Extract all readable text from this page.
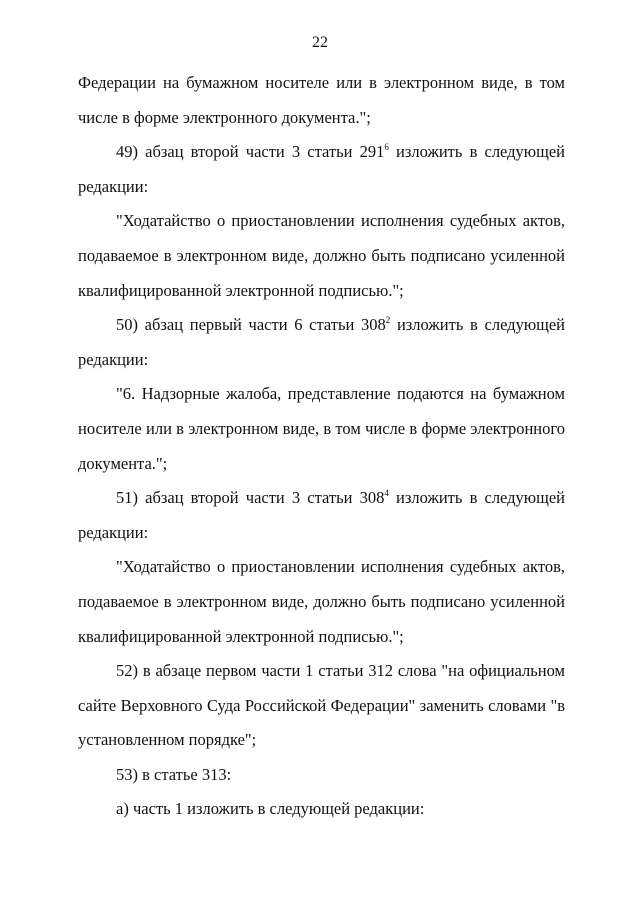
22

Федерации на бумажном носителе или в электронном виде, в том числе в форме электронного документа.";

49) абзац второй части 3 статьи $291^6$ изложить в следующей редакции:

"Ходатайство о приостановлении исполнения судебных актов, подаваемое в электронном виде, должно быть подписано усиленной квалифицированной электронной подписью.";

50) абзац первый части 6 статьи $308^2$ изложить в следующей редакции:

"6. Надзорные жалоба, представление подаются на бумажном носителе или в электронном виде, в том числе в форме электронного документа.";

51) абзац второй части 3 статьи $308^4$ изложить в следующей редакции:

"Ходатайство о приостановлении исполнения судебных актов, подаваемое в электронном виде, должно быть подписано усиленной квалифицированной электронной подписью.";

52) в абзаце первом части 1 статьи 312 слова "на официальном сайте Верховного Суда Российской Федерации" заменить словами "в установленном порядке";

53) в статье 313:

а) часть 1 изложить в следующей редакции:
